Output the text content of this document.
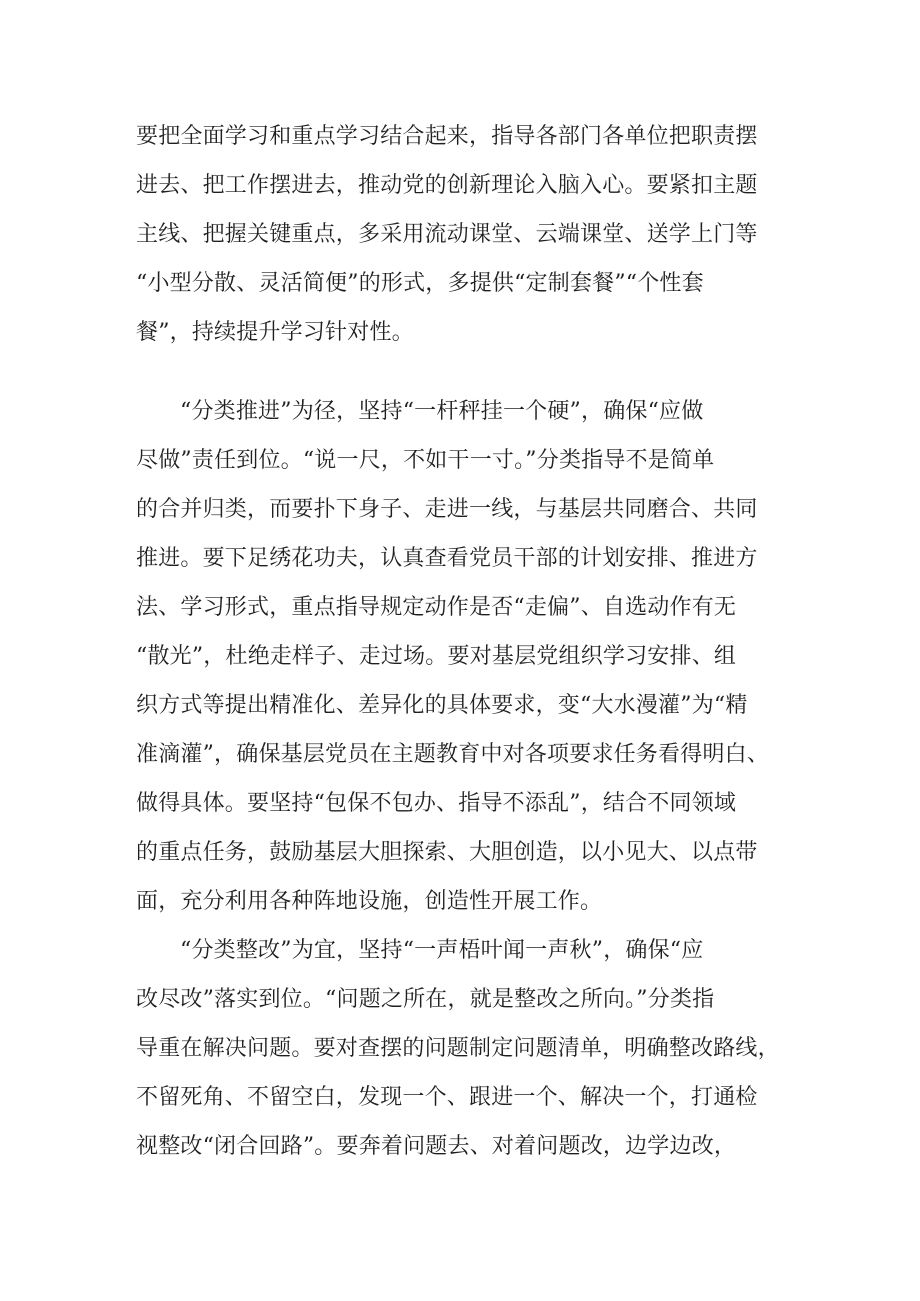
要把全面学习和重点学习结合起来，指导各部门各单位把职责摆
进去、把工作摆进去，推动党的创新理论入脑入心。要紧扣主题
主线、把握关键重点，多采用流动课堂、云端课堂、送学上门等
“小型分散、灵活简便”的形式，多提供“定制套餐”“个性套
餐”，持续提升学习针对性。
“分类推进”为径，坚持“一杆秤挂一个硬”，确保“应做
尽做”责任到位。“说一尺，不如干一寸。”分类指导不是简单
的合并归类，而要扑下身子、走进一线，与基层共同磨合、共同
推进。要下足绣花功夫，认真查看党员干部的计划安排、推进方
法、学习形式，重点指导规定动作是否“走偏”、自选动作有无
“散光”，杜绝走样子、走过场。要对基层党组织学习安排、组
织方式等提出精准化、差异化的具体要求，变“大水漫灌”为“精
准滴灌”，确保基层党员在主题教育中对各项要求任务看得明白、
做得具体。要坚持“包保不包办、指导不添乱”，结合不同领域
的重点任务，鼓励基层大胆探索、大胆创造，以小见大、以点带
面，充分利用各种阵地设施，创造性开展工作。
“分类整改”为宜，坚持“一声梧叶闻一声秋”，确保“应
改尽改”落实到位。“问题之所在，就是整改之所向。”分类指
导重在解决问题。要对查摆的问题制定问题清单，明确整改路线，
不留死角、不留空白，发现一个、跟进一个、解决一个，打通检
视整改“闭合回路”。要奔着问题去、对着问题改，边学边改，
